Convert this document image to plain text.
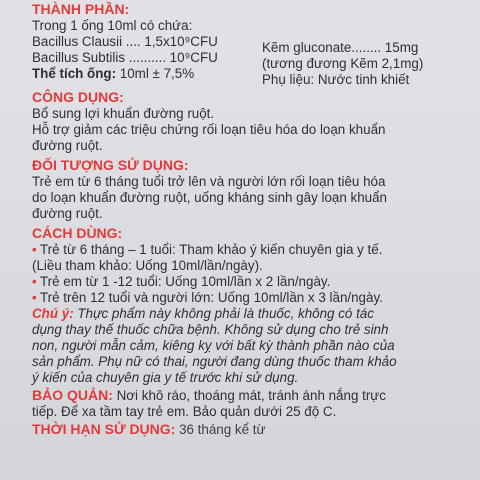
THÀNH PHẦN:
Trong 1 ống 10ml có chứa:
Bacillus Clausii .... 1,5x10⁹CFU
Bacillus Subtilis .......... 10⁹CFU
Thể tích ống: 10ml ± 7,5%
Kẽm gluconate........ 15mg
(tương đương Kẽm 2,1mg)
Phụ liệu: Nước tinh khiết
CÔNG DỤNG:
Bổ sung lợi khuẩn đường ruột.
Hỗ trợ giảm các triệu chứng rối loạn tiêu hóa do loạn khuẩn
đường ruột.
ĐỐI TƯỢNG SỬ DỤNG:
Trẻ em từ 6 tháng tuổi trở lên và người lớn rối loạn tiêu hóa
do loạn khuẩn đường ruột, uống kháng sinh gây loạn khuẩn
đường ruột.
CÁCH DÙNG:
• Trẻ từ 6 tháng – 1 tuổi: Tham khảo ý kiến chuyên gia y tế.
(Liều tham khảo: Uống 10ml/lần/ngày).
• Trẻ em từ 1 -12 tuổi: Uống 10ml/lần x 2 lần/ngày.
• Trẻ trên 12 tuổi và người lớn: Uống 10ml/lần x 3 lần/ngày.
Chú ý: Thực phẩm này không phải là thuốc, không có tác
dụng thay thế thuốc chữa bệnh. Không sử dụng cho trẻ sinh
non, người mẫn cảm, kiêng kỵ với bất kỳ thành phần nào của
sản phẩm. Phụ nữ có thai, người đang dùng thuốc tham khảo
ý kiến của chuyên gia y tế trước khi sử dụng.
BẢO QUẢN: Nơi khô ráo, thoáng mát, tránh ánh nắng trực
tiếp. Để xa tầm tay trẻ em. Bảo quản dưới 25 độ C.
THỜI HẠN SỬ DỤNG: 36 tháng kể từ
